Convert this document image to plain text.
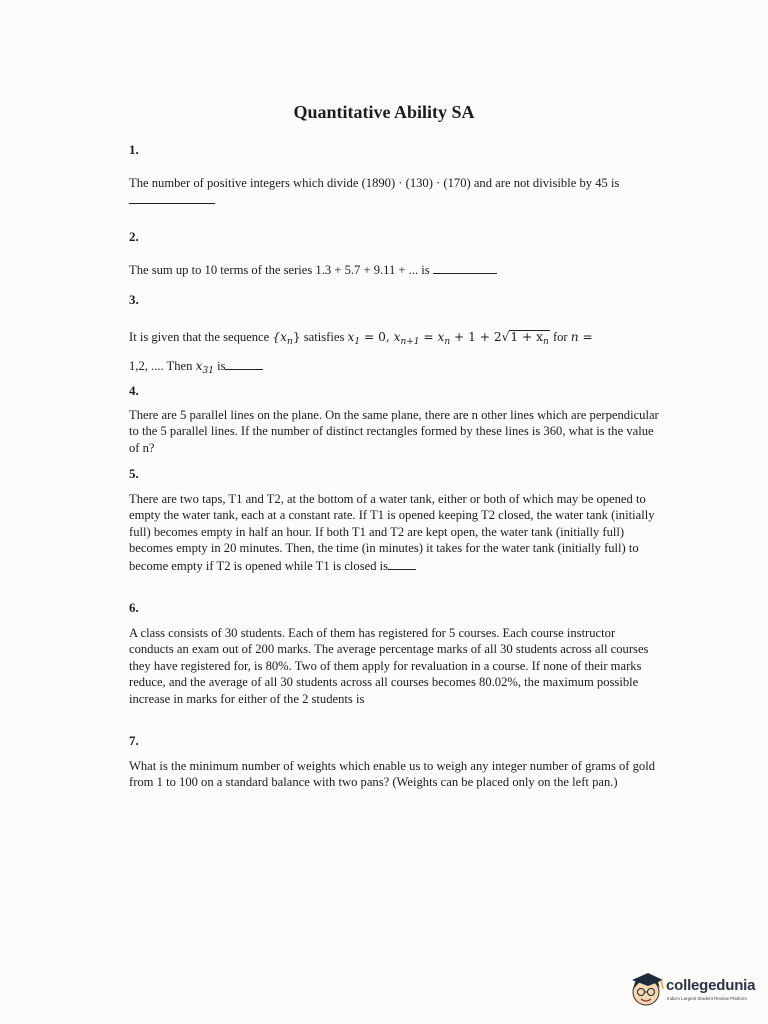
Quantitative Ability SA
1.
The number of positive integers which divide (1890) · (130) · (170) and are not divisible by 45 is
2.
The sum up to 10 terms of the series 1.3 + 5.7 + 9.11 + ... is
3.
It is given that the sequence $\{x_n\}$ satisfies $x_1 = 0$, $x_{n+1} = x_n + 1 + 2√1 + x_n$ for n =
1,2, .... Then $x_{31}$ is
4.
There are 5 parallel lines on the plane. On the same plane, there are n other lines which are perpendicular to the 5 parallel lines. If the number of distinct rectangles formed by these lines is 360, what is the value of n?
5.
There are two taps, T1 and T2, at the bottom of a water tank, either or both of which may be opened to empty the water tank, each at a constant rate. If T1 is opened keeping T2 closed, the water tank (initially full) becomes empty in half an hour. If both T1 and T2 are kept open, the water tank (initially full) becomes empty in 20 minutes. Then, the time (in minutes) it takes for the water tank (initially full) to become empty if T2 is opened while T1 is closed is
6.
A class consists of 30 students. Each of them has registered for 5 courses. Each course instructor conducts an exam out of 200 marks. The average percentage marks of all 30 students across all courses they have registered for, is 80%. Two of them apply for revaluation in a course. If none of their marks reduce, and the average of all 30 students across all courses becomes 80.02%, the maximum possible increase in marks for either of the 2 students is
7.
What is the minimum number of weights which enable us to weigh any integer number of grams of gold from 1 to 100 on a standard balance with two pans? (Weights can be placed only on the left pan.)
collegedunia
India's Largest Student Review Platform
